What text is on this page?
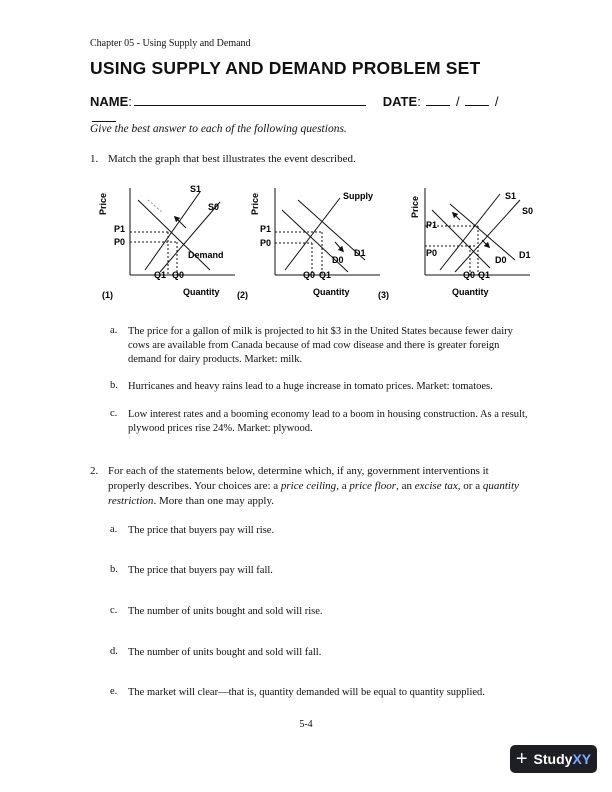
Chapter 05 - Using Supply and Demand
USING SUPPLY AND DEMAND PROBLEM SET
NAME:	DATE:  /	/
Give the best answer to each of the following questions.
1. Match the graph that best illustrates the event described.
Price
S1
S0
P1
P0
Demand
Q1 Q0
(1)	Quantity
Price	Supply
P1
P0
D0
D1
Q0 Q1
(2)	Quantity
Price	S1
S0
P1
P0
D0 D1
Q0 Q1
(3)	Quantity
a. The price for a gallon of milk is projected to hit $3 in the United States because fewer dairy cows are available from Canada because of mad cow disease and there is greater foreign demand for dairy products. Market: milk.
b. Hurricanes and heavy rains lead to a huge increase in tomato prices. Market: tomatoes.
c. Low interest rates and a booming economy lead to a boom in housing construction. As a result, plywood prices rise 24%. Market: plywood.
2. For each of the statements below, determine which, if any, government interventions it properly describes. Your choices are: a price ceiling, a price floor, an excise tax, or a quantity restriction. More than one may apply.
a. The price that buyers pay will rise.
b. The price that buyers pay will fall.
c. The number of units bought and sold will rise.
d. The number of units bought and sold will fall.
e. The market will clear—that is, quantity demanded will be equal to quantity supplied.
5-4
+ StudyXY
